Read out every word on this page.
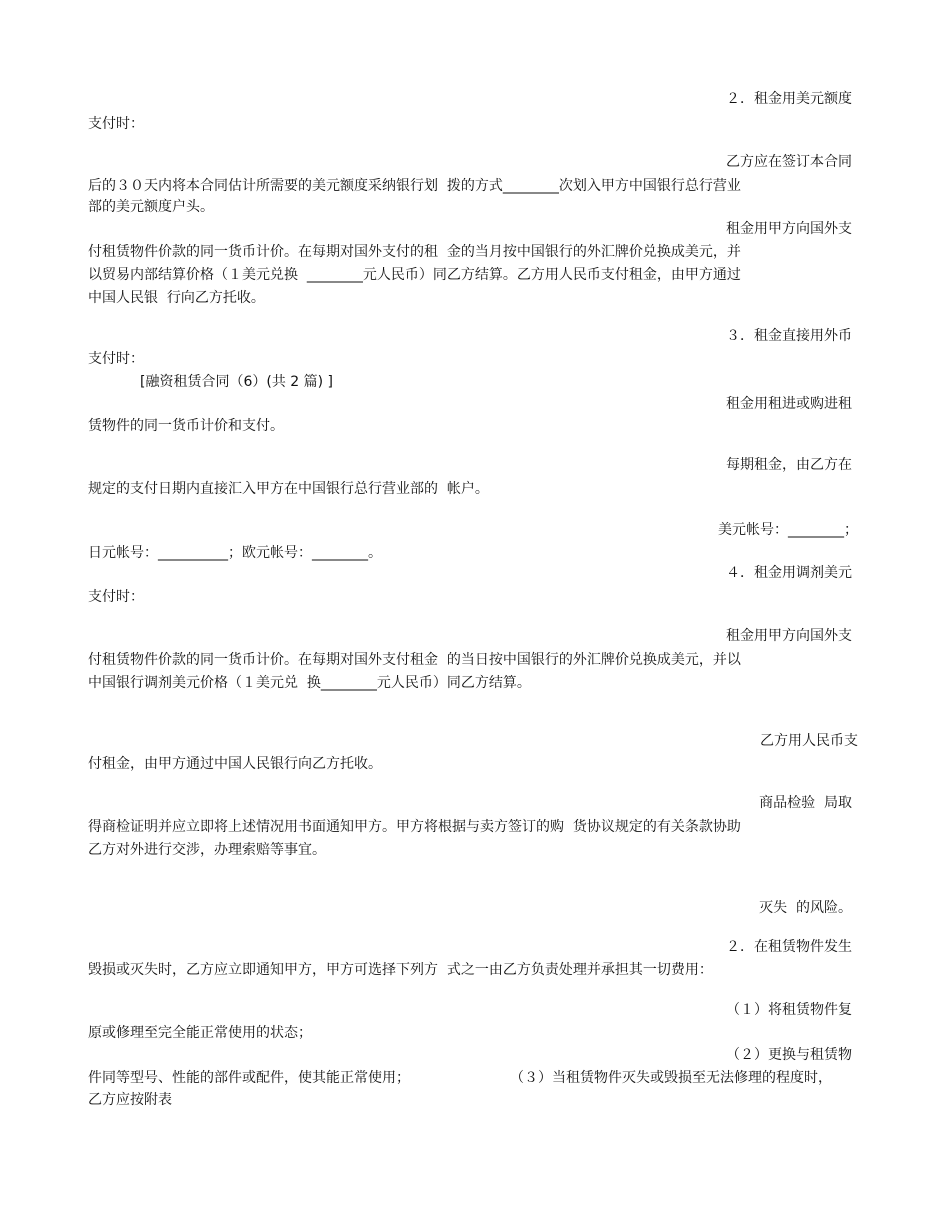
２．租金用美元额度

支付时：

乙方应在签订本合同

后的３０天内将本合同估计所需要的美元额度采纳银行划  拨的方式________次划入甲方中国银行总行营业

部的美元额度户头。

租金用甲方向国外支

付租赁物件价款的同一货币计价。在每期对国外支付的租  金的当月按中国银行的外汇牌价兑换成美元，并

以贸易内部结算价格（１美元兑换  ________元人民币）同乙方结算。乙方用人民币支付租金，由甲方通过

中国人民银  行向乙方托收。

３．租金直接用外币

支付时：

[融资租赁合同（6）(共 2 篇) ]

租金用租进或购进租

赁物件的同一货币计价和支付。

每期租金，由乙方在

规定的支付日期内直接汇入甲方在中国银行总行营业部的  帐户。

美元帐号：________；

日元帐号：__________；欧元帐号：________。

４．租金用调剂美元

支付时：

租金用甲方向国外支

付租赁物件价款的同一货币计价。在每期对国外支付租金  的当日按中国银行的外汇牌价兑换成美元，并以

中国银行调剂美元价格（１美元兑  换________元人民币）同乙方结算。

乙方用人民币支

付租金，由甲方通过中国人民银行向乙方托收。

商品检验  局取

得商检证明并应立即将上述情况用书面通知甲方。甲方将根据与卖方签订的购  货协议规定的有关条款协助

乙方对外进行交涉，办理索赔等事宜。

灭失  的风险。

２．在租赁物件发生

毁损或灭失时，乙方应立即通知甲方，甲方可选择下列方  式之一由乙方负责处理并承担其一切费用：

（１）将租赁物件复

原或修理至完全能正常使用的状态；

（２）更换与租赁物

件同等型号、性能的部件或配件，使其能正常使用；	（３）当租赁物件灭失或毁损至无法修理的程度时，

乙方应按附表
